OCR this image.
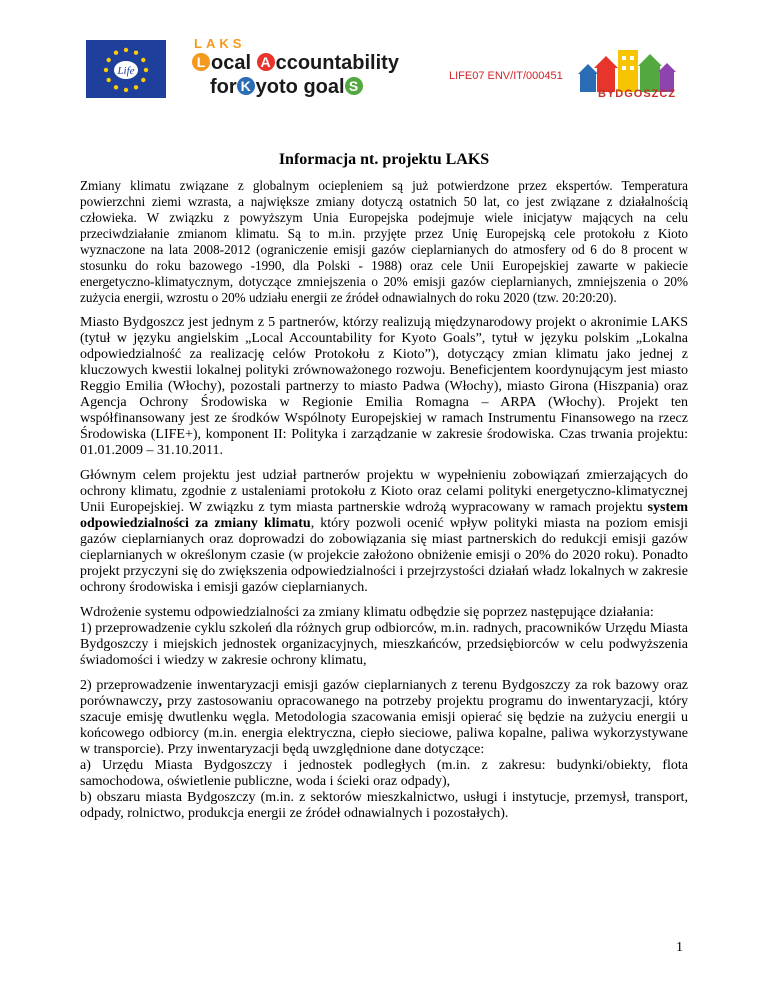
Life
LAKS
L ocal A ccountability
for K yoto goal S
LIFE07 ENV/IT/000451
BYDGOSZCZ
Informacja nt. projektu LAKS

Zmiany klimatu związane z globalnym ociepleniem są już potwierdzone przez ekspertów. Temperatura powierzchni ziemi wzrasta, a największe zmiany dotyczą ostatnich 50 lat, co jest związane z działalnością człowieka. W związku z powyższym Unia Europejska podejmuje wiele inicjatyw mających na celu przeciwdziałanie zmianom klimatu. Są to m.in. przyjęte przez Unię Europejską cele protokołu z Kioto wyznaczone na lata 2008-2012 (ograniczenie emisji gazów cieplarnianych do atmosfery od 6 do 8 procent w stosunku do roku bazowego -1990, dla Polski - 1988) oraz cele Unii Europejskiej zawarte w pakiecie energetyczno-klimatycznym, dotyczące zmniejszenia o 20% emisji gazów cieplarnianych, zmniejszenia o 20% zużycia energii, wzrostu o 20% udziału energii ze źródeł odnawialnych do roku 2020 (tzw. 20:20:20).

Miasto Bydgoszcz jest jednym z 5 partnerów, którzy realizują międzynarodowy projekt o akronimie LAKS (tytuł w języku angielskim „Local Accountability for Kyoto Goals”, tytuł w języku polskim „Lokalna odpowiedzialność za realizację celów Protokołu z Kioto”), dotyczący zmian klimatu jako jednej z kluczowych kwestii lokalnej polityki zrównoważonego rozwoju. Beneficjentem koordynującym jest miasto Reggio Emilia (Włochy), pozostali partnerzy to miasto Padwa (Włochy), miasto Girona (Hiszpania) oraz Agencja Ochrony Środowiska w Regionie Emilia Romagna – ARPA (Włochy). Projekt ten współfinansowany jest ze środków Wspólnoty Europejskiej w ramach Instrumentu Finansowego na rzecz Środowiska (LIFE+), komponent II: Polityka i zarządzanie w zakresie środowiska. Czas trwania projektu: 01.01.2009 – 31.10.2011.

Głównym celem projektu jest udział partnerów projektu w wypełnieniu zobowiązań zmierzających do ochrony klimatu, zgodnie z ustaleniami protokołu z Kioto oraz celami polityki energetyczno-klimatycznej Unii Europejskiej. W związku z tym miasta partnerskie wdrożą wypracowany w ramach projektu system odpowiedzialności za zmiany klimatu, który pozwoli ocenić wpływ polityki miasta na poziom emisji gazów cieplarnianych oraz doprowadzi do zobowiązania się miast partnerskich do redukcji emisji gazów cieplarnianych w określonym czasie (w projekcie założono obniżenie emisji o 20% do 2020 roku). Ponadto projekt przyczyni się do zwiększenia odpowiedzialności i przejrzystości działań władz lokalnych w zakresie ochrony środowiska i emisji gazów cieplarnianych.

Wdrożenie systemu odpowiedzialności za zmiany klimatu odbędzie się poprzez następujące działania:
1) przeprowadzenie cyklu szkoleń dla różnych grup odbiorców, m.in. radnych, pracowników Urzędu Miasta Bydgoszczy i miejskich jednostek organizacyjnych, mieszkańców, przedsiębiorców w celu podwyższenia świadomości i wiedzy w zakresie ochrony klimatu,

2) przeprowadzenie inwentaryzacji emisji gazów cieplarnianych z terenu Bydgoszczy za rok bazowy oraz porównawczy, przy zastosowaniu opracowanego na potrzeby projektu programu do inwentaryzacji, który szacuje emisję dwutlenku węgla. Metodologia szacowania emisji opierać się będzie na zużyciu energii u końcowego odbiorcy (m.in. energia elektryczna, ciepło sieciowe, paliwa kopalne, paliwa wykorzystywane w transporcie). Przy inwentaryzacji będą uwzględnione dane dotyczące:
a) Urzędu Miasta Bydgoszczy i jednostek podległych (m.in. z zakresu: budynki/obiekty, flota samochodowa, oświetlenie publiczne, woda i ścieki oraz odpady),
b) obszaru miasta Bydgoszczy (m.in. z sektorów mieszkalnictwo, usługi i instytucje, przemysł, transport, odpady, rolnictwo, produkcja energii ze źródeł odnawialnych i pozostałych).

1
